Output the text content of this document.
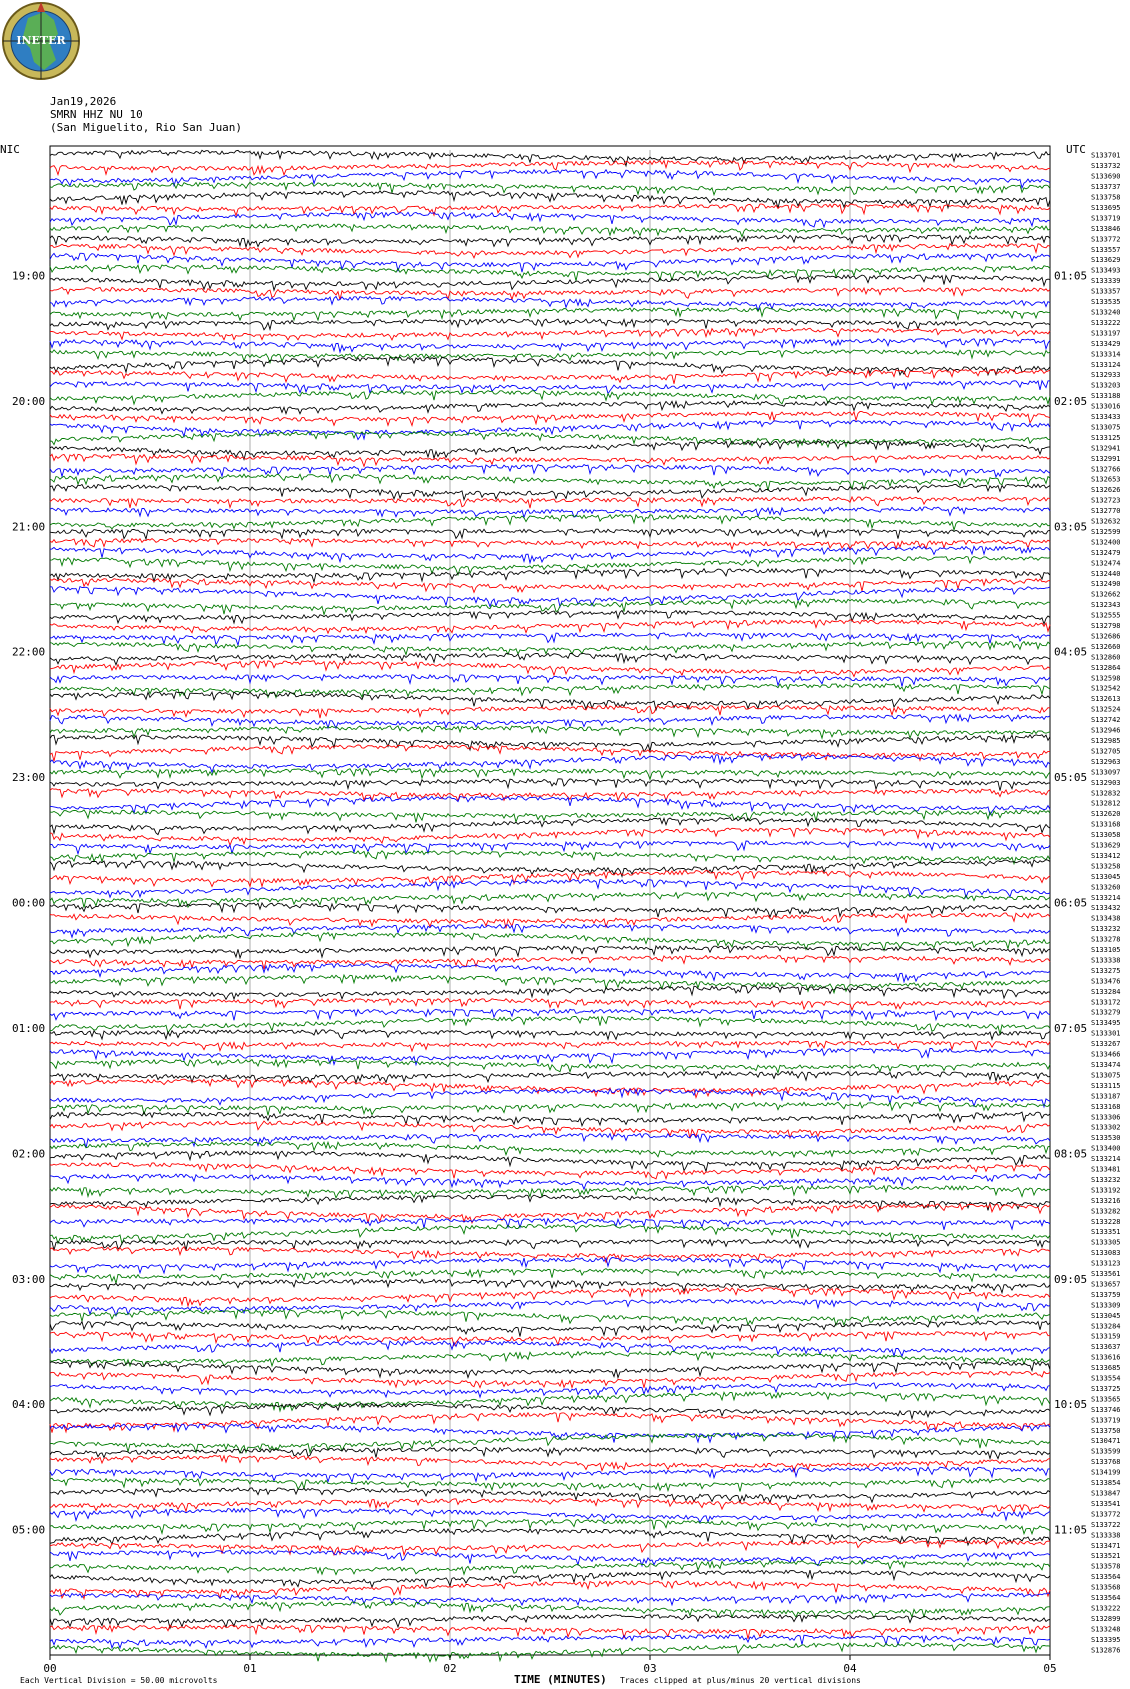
INETER
Jan19,2026
SMRN HHZ NU 10
(San Miguelito, Rio San Juan)
NIC	UTC
19:00
20:00
21:00
22:00
23:00
00:00
01:00
02:00
03:00
04:00
05:00
01:05
02:05
03:05
04:05
05:05
06:05
07:05
08:05
09:05
10:05
11:05
S133701
S133732
S133690
S133737
S133758
S133695
S133719
S133846
S133772
S133557
S133629
S133493
S133339
S133357
S133535
S133240
S133222
S133197
S133429
S133314
S133124
S132933
S133203
S133188
S133016
S133433
S133075
S133125
S132941
S132991
S132766
S132653
S132626
S132723
S132770
S132632
S132599
S132400
S132479
S132474
S132440
S132490
S132662
S132343
S132555
S132798
S132686
S132660
S132860
S132864
S132598
S132542
S132613
S132524
S132742
S132946
S132985
S132705
S132963
S133097
S132903
S132832
S132812
S132620
S133168
S133058
S133629
S133412
S133258
S133045
S133260
S133214
S133432
S133438
S133232
S133278
S133105
S133338
S133275
S133476
S133284
S133172
S133279
S133495
S133301
S133267
S133466
S133474
S133075
S133115
S133187
S133168
S133306
S133302
S133530
S133400
S133214
S133481
S133232
S133192
S133216
S133282
S133228
S133351
S133305
S133083
S133123
S133561
S133657
S133759
S133309
S133045
S133284
S133159
S133637
S133616
S133685
S133554
S133725
S133565
S133746
S133719
S133750
S130471
S133599
S133768
S134199
S133854
S133847
S133541
S133772
S133722
S133338
S133471
S133521
S133578
S133564
S133568
S133564
S133222
S132899
S133248
S133395
S132876
00	01	02	03	04	05
Each Vertical Division = 50.00 microvolts	TIME (MINUTES) Traces clipped at plus/minus 20 vertical divisions
